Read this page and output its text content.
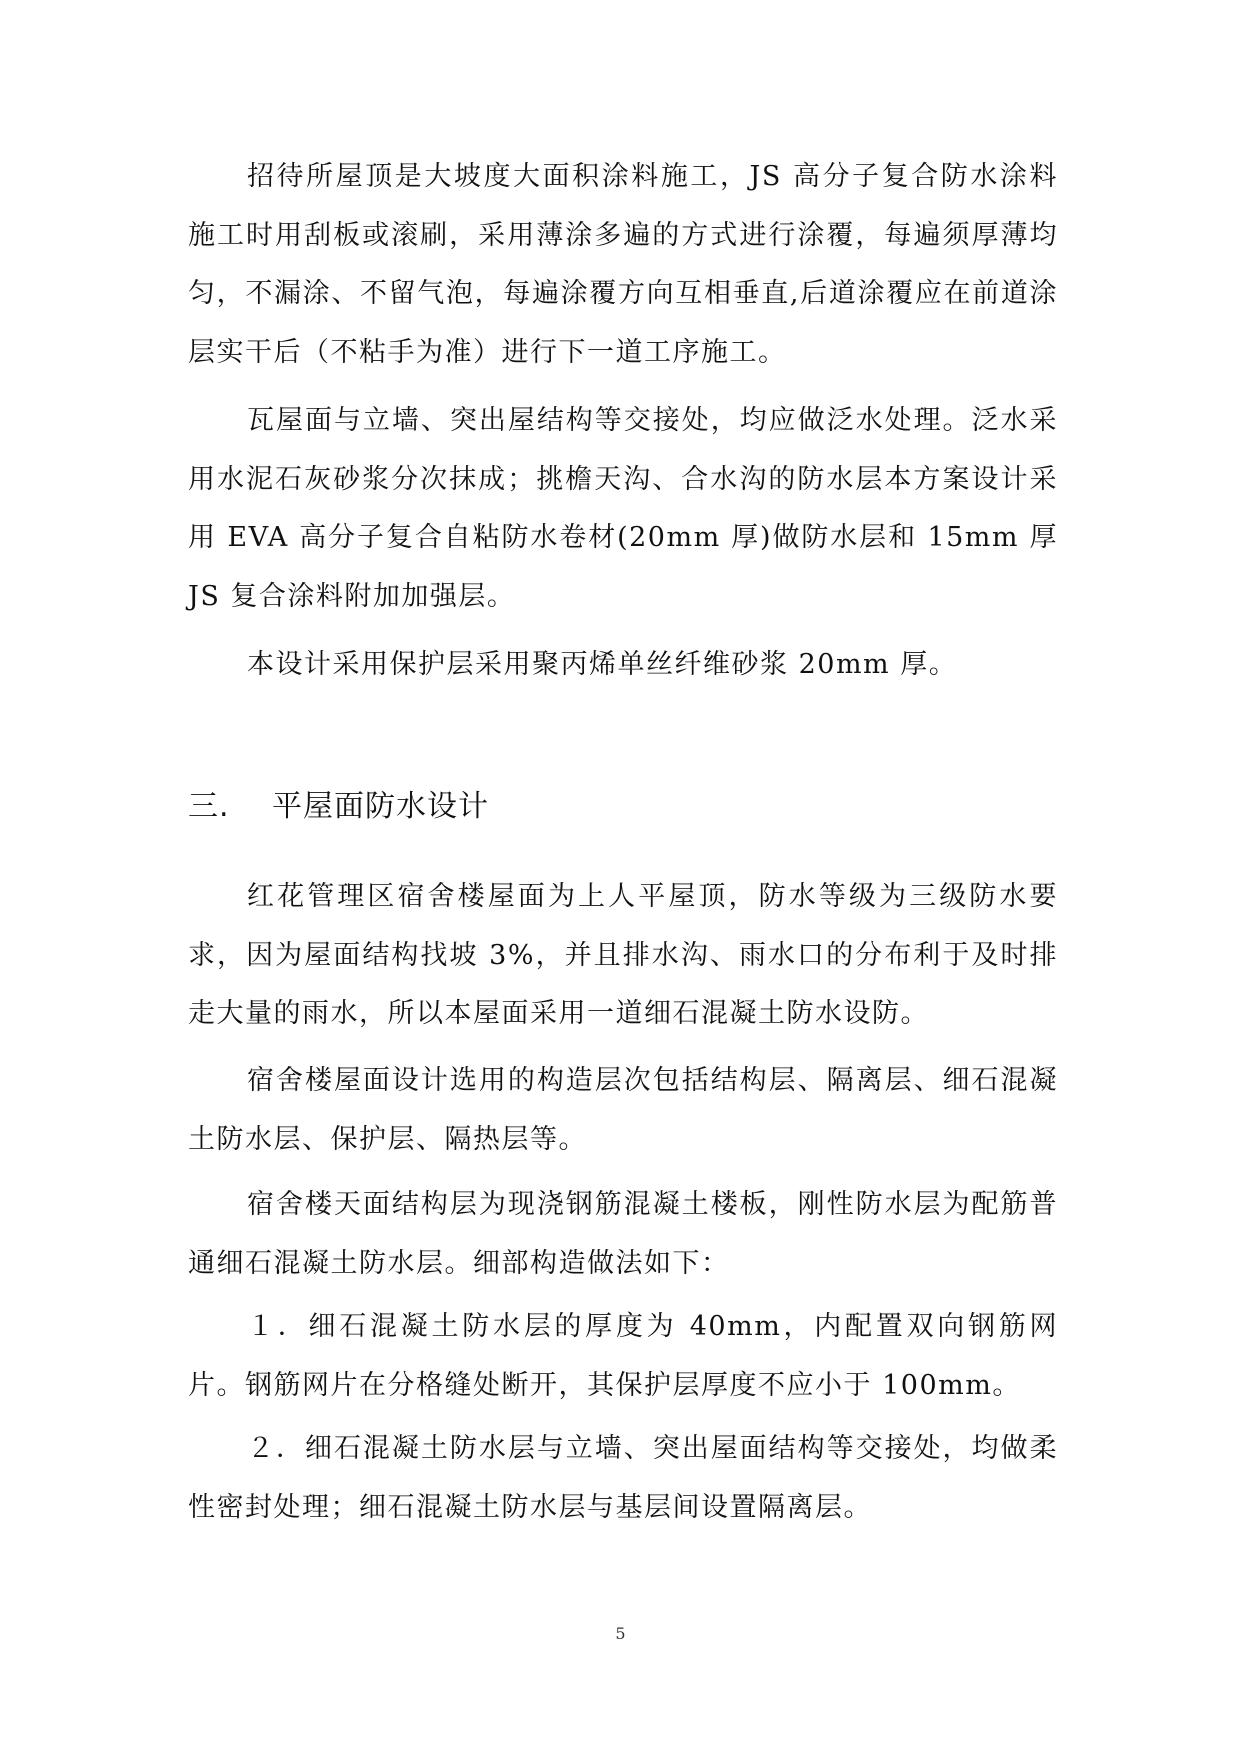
招待所屋顶是大坡度大面积涂料施工，JS 高分子复合防水涂料施工时用刮板或滚刷，采用薄涂多遍的方式进行涂覆，每遍须厚薄均匀，不漏涂、不留气泡，每遍涂覆方向互相垂直,后道涂覆应在前道涂层实干后（不粘手为准）进行下一道工序施工。

瓦屋面与立墙、突出屋结构等交接处，均应做泛水处理。泛水采用水泥石灰砂浆分次抹成；挑檐天沟、合水沟的防水层本方案设计采用 EVA 高分子复合自粘防水卷材(20mm 厚)做防水层和 15mm 厚 JS 复合涂料附加加强层。

本设计采用保护层采用聚丙烯单丝纤维砂浆 20mm 厚。

三. 平屋面防水设计

红花管理区宿舍楼屋面为上人平屋顶，防水等级为三级防水要求，因为屋面结构找坡 3%，并且排水沟、雨水口的分布利于及时排走大量的雨水，所以本屋面采用一道细石混凝土防水设防。

宿舍楼屋面设计选用的构造层次包括结构层、隔离层、细石混凝土防水层、保护层、隔热层等。

宿舍楼天面结构层为现浇钢筋混凝土楼板，刚性防水层为配筋普通细石混凝土防水层。细部构造做法如下：

１．细石混凝土防水层的厚度为 40mm，内配置双向钢筋网片。钢筋网片在分格缝处断开，其保护层厚度不应小于 100mm。

２．细石混凝土防水层与立墙、突出屋面结构等交接处，均做柔性密封处理；细石混凝土防水层与基层间设置隔离层。

5
